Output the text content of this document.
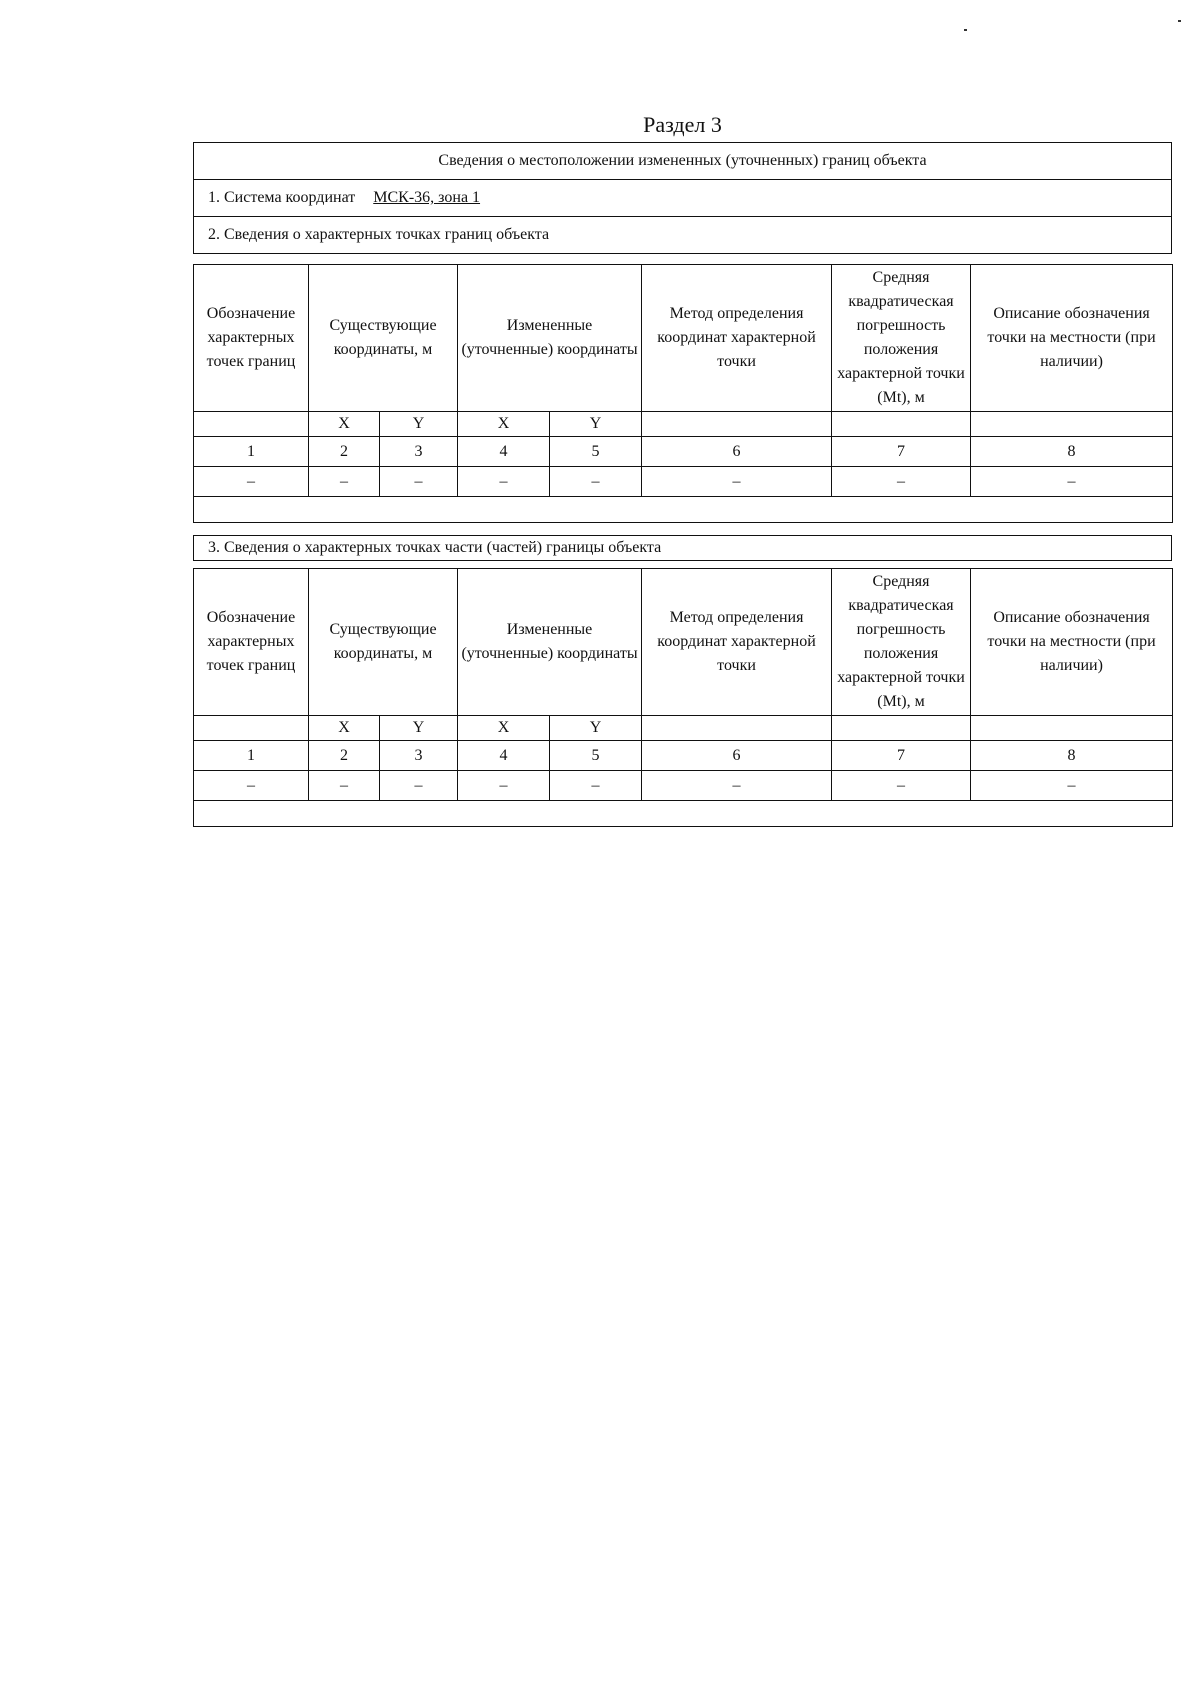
Раздел 3
Сведения о местоположении измененных (уточненных) границ объекта
1. Система координат МСК-36, зона 1
2. Сведения о характерных точках границ объекта
Обозначение характерных точек границ	Существующие координаты, м		Измененные (уточненные) координаты		Метод определения координат характерной точки	Средняя квадратическая погрешность положения характерной точки (Mt), м	Описание обозначения точки на местности (при наличии)
	X	Y	X	Y			
1	2	3	4	5	6	7	8
–	–	–	–	–	–	–	–

3. Сведения о характерных точках части (частей) границы объекта
Обозначение характерных точек границ	Существующие координаты, м		Измененные (уточненные) координаты		Метод определения координат характерной точки	Средняя квадратическая погрешность положения характерной точки (Mt), м	Описание обозначения точки на местности (при наличии)
	X	Y	X	Y			
1	2	3	4	5	6	7	8
–	–	–	–	–	–	–	–
